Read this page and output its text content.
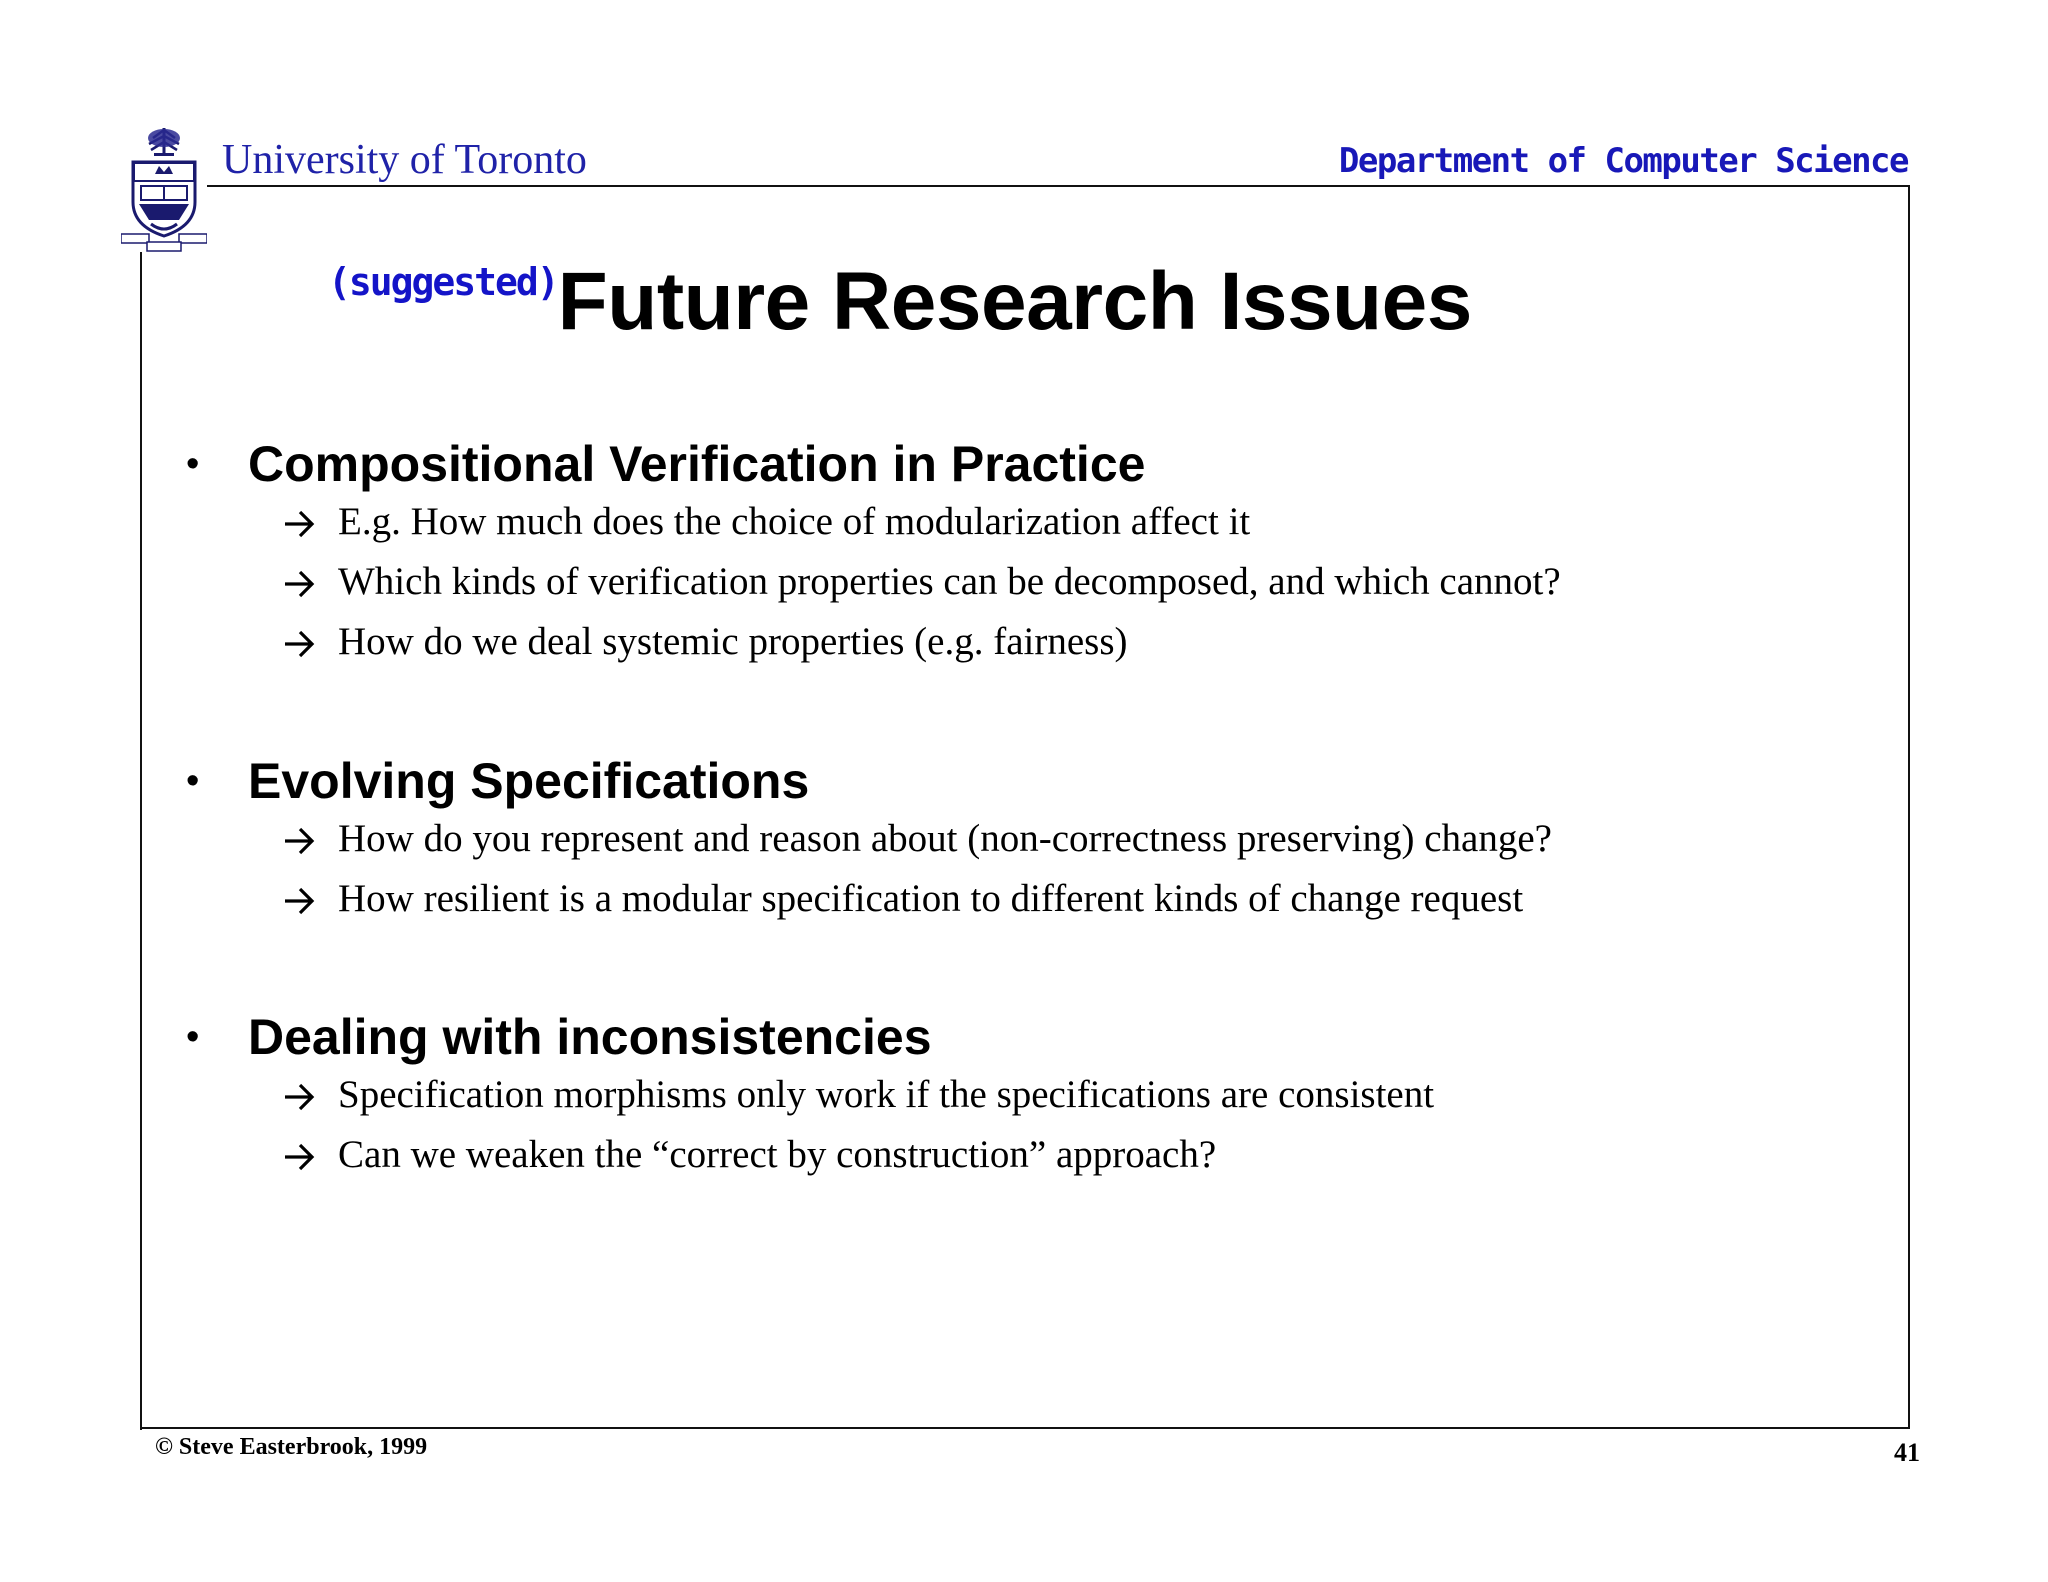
University of Toronto	Department of Computer Science
(suggested)Future Research Issues
• Compositional Verification in Practice
E.g. How much does the choice of modularization affect it
Which kinds of verification properties can be decomposed, and which cannot?
How do we deal systemic properties (e.g. fairness)
• Evolving Specifications
How do you represent and reason about (non-correctness preserving) change?
How resilient is a modular specification to different kinds of change request
• Dealing with inconsistencies
Specification morphisms only work if the specifications are consistent
Can we weaken the “correct by construction” approach?
© Steve Easterbrook, 1999	41
